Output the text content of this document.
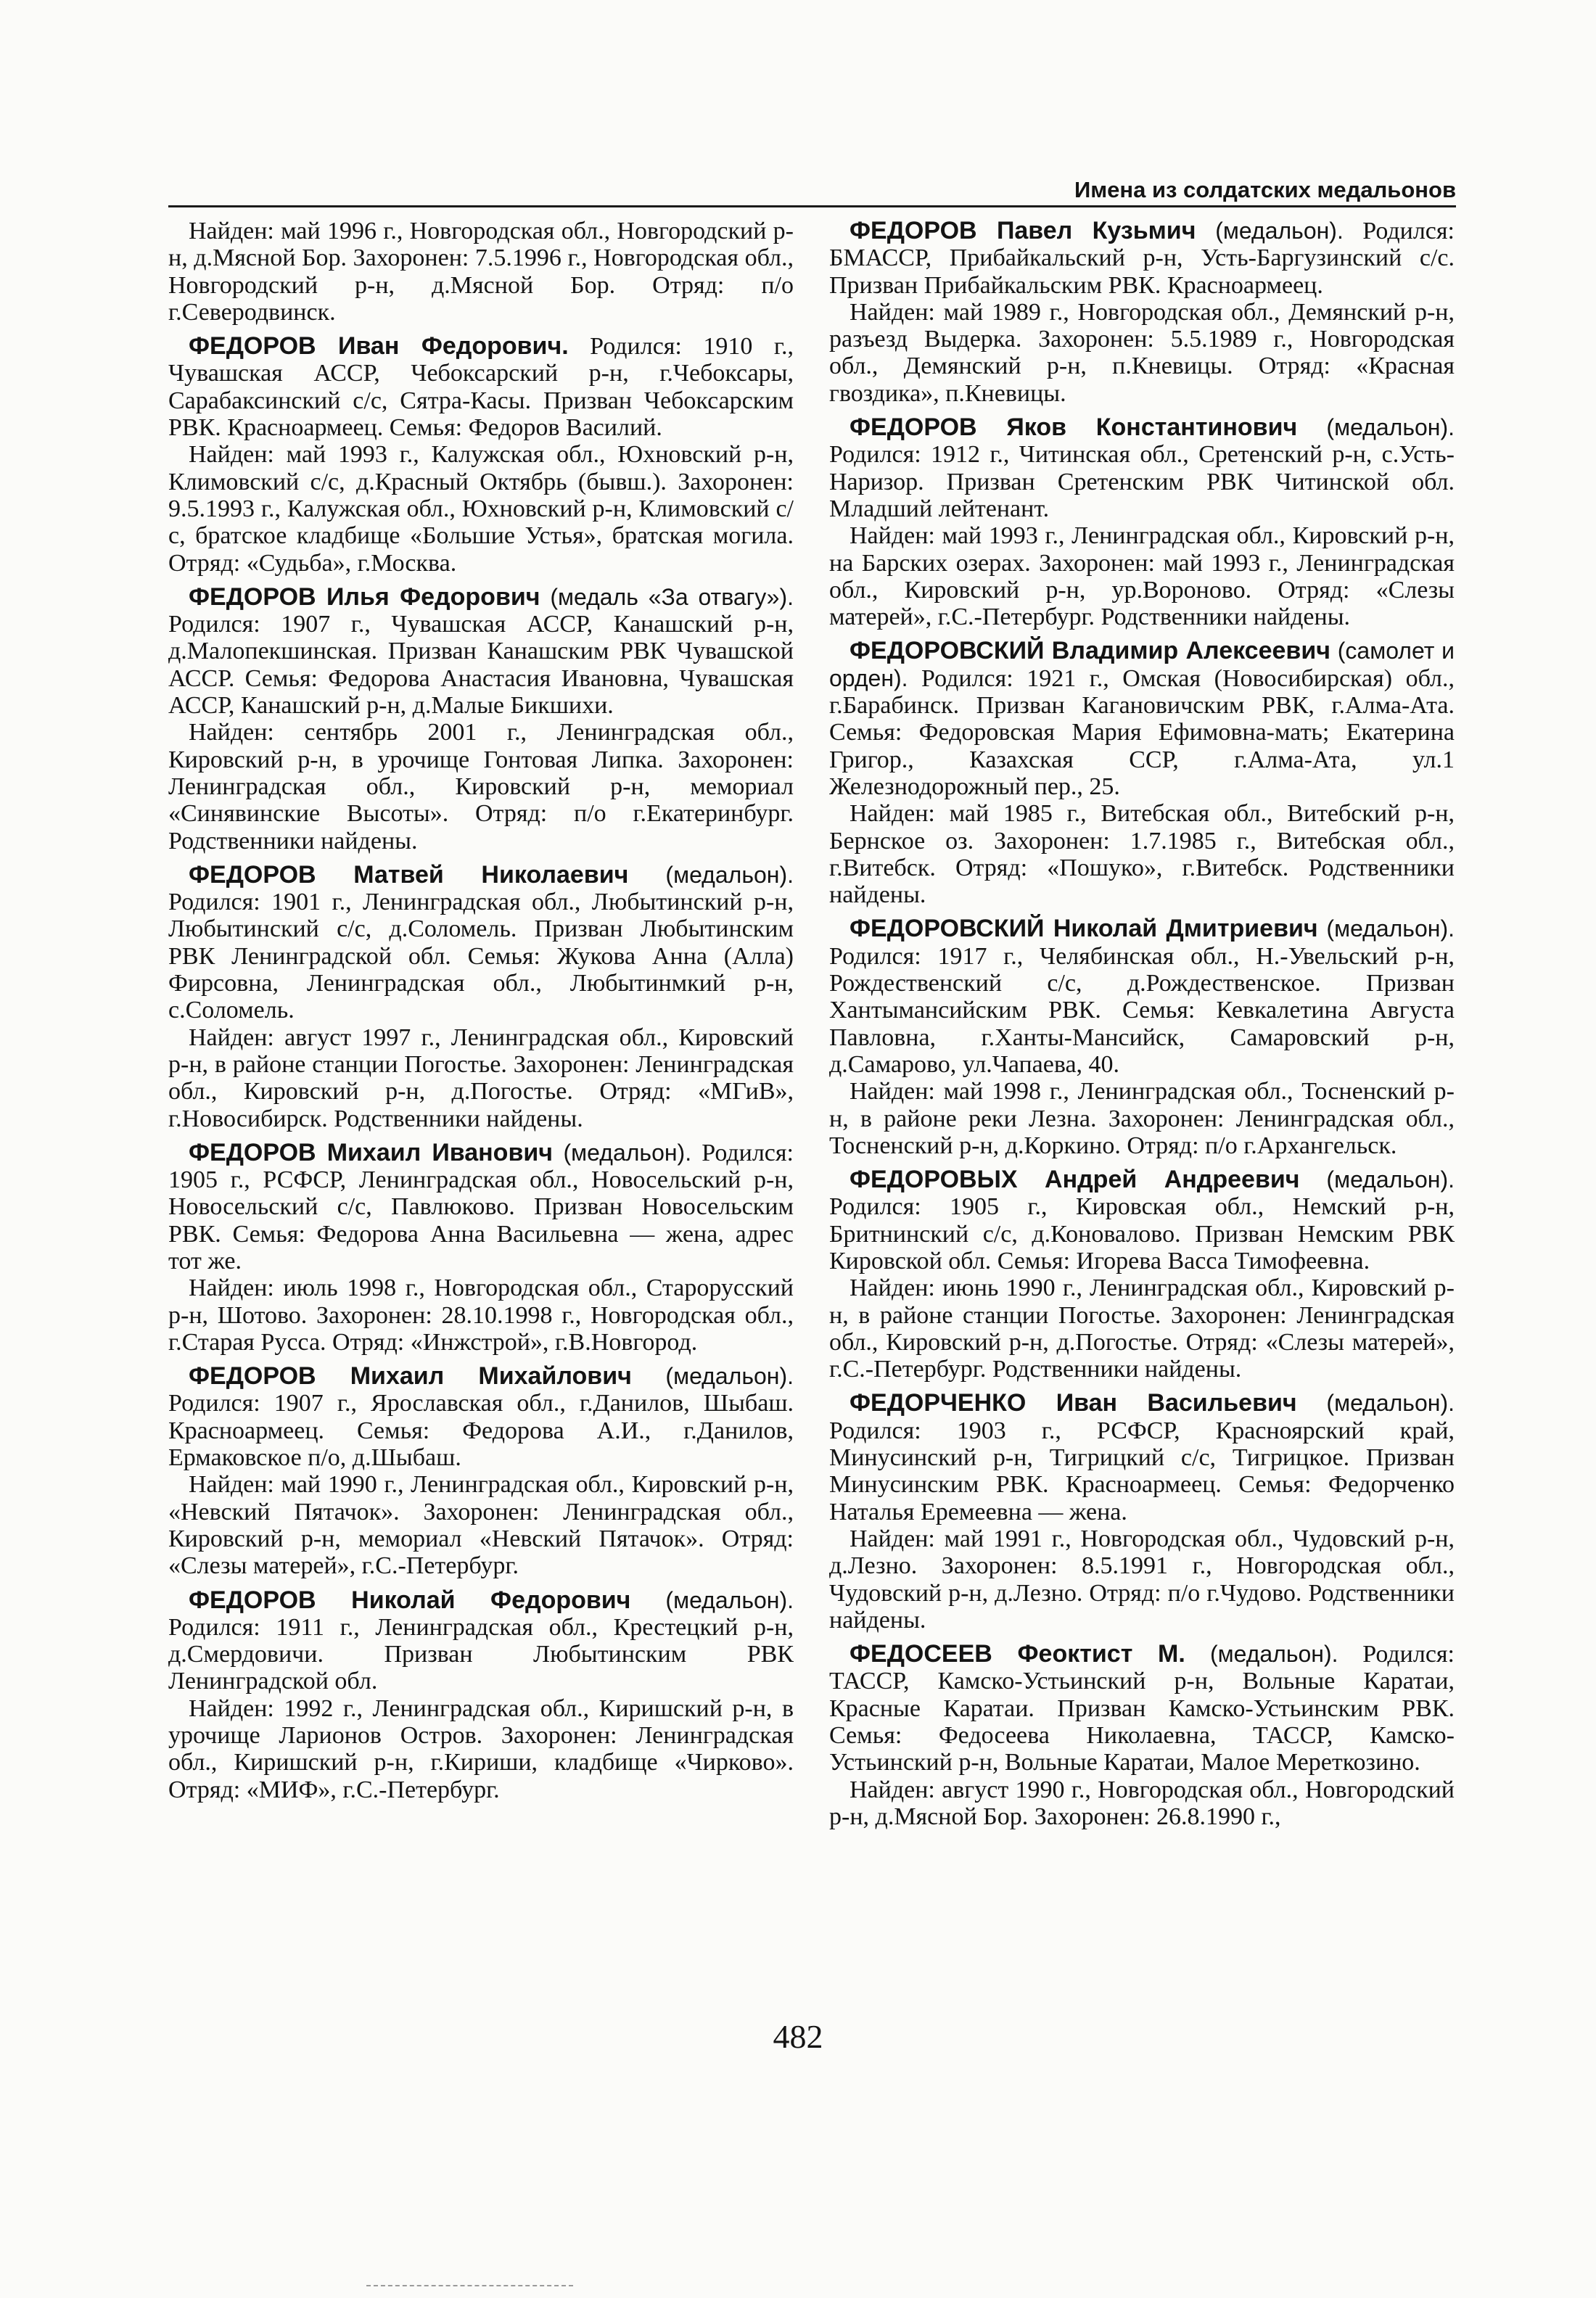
Имена из солдатских медальонов

Найден: май 1996 г., Новгородская обл., Новгородский р-н, д.Мясной Бор. Захоронен: 7.5.1996 г., Новгородская обл., Новгородский р-н, д.Мясной Бор. Отряд: п/о г.Северодвинск.

ФЕДОРОВ Иван Федорович. Родился: 1910 г., Чувашская АССР, Чебоксарский р-н, г.Чебоксары, Сарабаксинский с/с, Сятра-Касы. Призван Чебоксарским РВК. Красноармеец. Семья: Федоров Василий.

Найден: май 1993 г., Калужская обл., Юхновский р-н, Климовский с/с, д.Красный Октябрь (бывш.). Захоронен: 9.5.1993 г., Калужская обл., Юхновский р-н, Климовский с/с, братское кладбище «Большие Устья», братская могила. Отряд: «Судьба», г.Москва.

ФЕДОРОВ Илья Федорович (медаль «За отвагу»). Родился: 1907 г., Чувашская АССР, Канашский р-н, д.Малопекшинская. Призван Канашским РВК Чувашской АССР. Семья: Федорова Анастасия Ивановна, Чувашская АССР, Канашский р-н, д.Малые Бикшихи.

Найден: сентябрь 2001 г., Ленинградская обл., Кировский р-н, в урочище Гонтовая Липка. Захоронен: Ленинградская обл., Кировский р-н, мемориал «Синявинские Высоты». Отряд: п/о г.Екатеринбург. Родственники найдены.

ФЕДОРОВ Матвей Николаевич (медальон). Родился: 1901 г., Ленинградская обл., Любытинский р-н, Любытинский с/с, д.Соломель. Призван Любытинским РВК Ленинградской обл. Семья: Жукова Анна (Алла) Фирсовна, Ленинградская обл., Любытинмкий р-н, с.Соломель.

Найден: август 1997 г., Ленинградская обл., Кировский р-н, в районе станции Погостье. Захоронен: Ленинградская обл., Кировский р-н, д.Погостье. Отряд: «МГиВ», г.Новосибирск. Родственники найдены.

ФЕДОРОВ Михаил Иванович (медальон). Родился: 1905 г., РСФСР, Ленинградская обл., Новосельский р-н, Новосельский с/с, Павлюково. Призван Новосельским РВК. Семья: Федорова Анна Васильевна — жена, адрес тот же.

Найден: июль 1998 г., Новгородская обл., Старорусский р-н, Шотово. Захоронен: 28.10.1998 г., Новгородская обл., г.Старая Русса. Отряд: «Инжстрой», г.В.Новгород.

ФЕДОРОВ Михаил Михайлович (медальон). Родился: 1907 г., Ярославская обл., г.Данилов, Шыбаш. Красноармеец. Семья: Федорова А.И., г.Данилов, Ермаковское п/о, д.Шыбаш.

Найден: май 1990 г., Ленинградская обл., Кировский р-н, «Невский Пятачок». Захоронен: Ленинградская обл., Кировский р-н, мемориал «Невский Пятачок». Отряд: «Слезы матерей», г.С.-Петербург.

ФЕДОРОВ Николай Федорович (медальон). Родился: 1911 г., Ленинградская обл., Крестецкий р-н, д.Смердовичи. Призван Любытинским РВК Ленинградской обл.

Найден: 1992 г., Ленинградская обл., Киришский р-н, в урочище Ларионов Остров. Захоронен: Ленинградская обл., Киришский р-н, г.Кириши, кладбище «Чирково». Отряд: «МИФ», г.С.-Петербург.

ФЕДОРОВ Павел Кузьмич (медальон). Родился: БМАССР, Прибайкальский р-н, Усть-Баргузинский с/с. Призван Прибайкальским РВК. Красноармеец.

Найден: май 1989 г., Новгородская обл., Демянский р-н, разъезд Выдерка. Захоронен: 5.5.1989 г., Новгородская обл., Демянский р-н, п.Кневицы. Отряд: «Красная гвоздика», п.Кневицы.

ФЕДОРОВ Яков Константинович (медальон). Родился: 1912 г., Читинская обл., Сретенский р-н, с.Усть-Наризор. Призван Сретенским РВК Читинской обл. Младший лейтенант.

Найден: май 1993 г., Ленинградская обл., Кировский р-н, на Барских озерах. Захоронен: май 1993 г., Ленинградская обл., Кировский р-н, ур.Вороново. Отряд: «Слезы матерей», г.С.-Петербург. Родственники найдены.

ФЕДОРОВСКИЙ Владимир Алексеевич (самолет и орден). Родился: 1921 г., Омская (Новосибирская) обл., г.Барабинск. Призван Кагановичским РВК, г.Алма-Ата. Семья: Федоровская Мария Ефимовна-мать; Екатерина Григор., Казахская ССР, г.Алма-Ата, ул.1 Железнодорожный пер., 25.

Найден: май 1985 г., Витебская обл., Витебский р-н, Бернское оз. Захоронен: 1.7.1985 г., Витебская обл., г.Витебск. Отряд: «Пошуко», г.Витебск. Родственники найдены.

ФЕДОРОВСКИЙ Николай Дмитриевич (медальон). Родился: 1917 г., Челябинская обл., Н.-Увельский р-н, Рождественский с/с, д.Рождественское. Призван Хантымансийским РВК. Семья: Кевкалетина Августа Павловна, г.Ханты-Мансийск, Самаровский р-н, д.Самарово, ул.Чапаева, 40.

Найден: май 1998 г., Ленинградская обл., Тосненский р-н, в районе реки Лезна. Захоронен: Ленинградская обл., Тосненский р-н, д.Коркино. Отряд: п/о г.Архангельск.

ФЕДОРОВЫХ Андрей Андреевич (медальон). Родился: 1905 г., Кировская обл., Немский р-н, Бритнинский с/с, д.Коновалово. Призван Немским РВК Кировской обл. Семья: Игорева Васса Тимофеевна.

Найден: июнь 1990 г., Ленинградская обл., Кировский р-н, в районе станции Погостье. Захоронен: Ленинградская обл., Кировский р-н, д.Погостье. Отряд: «Слезы матерей», г.С.-Петербург. Родственники найдены.

ФЕДОРЧЕНКО Иван Васильевич (медальон). Родился: 1903 г., РСФСР, Красноярский край, Минусинский р-н, Тигрицкий с/с, Тигрицкое. Призван Минусинским РВК. Красноармеец. Семья: Федорченко Наталья Еремеевна — жена.

Найден: май 1991 г., Новгородская обл., Чудовский р-н, д.Лезно. Захоронен: 8.5.1991 г., Новгородская обл., Чудовский р-н, д.Лезно. Отряд: п/о г.Чудово. Родственники найдены.

ФЕДОСЕЕВ Феоктист М. (медальон). Родился: ТАССР, Камско-Устьинский р-н, Вольные Каратаи, Красные Каратаи. Призван Камско-Устьинским РВК. Семья: Федосеева Николаевна, ТАССР, Камско-Устьинский р-н, Вольные Каратаи, Малое Мереткозино.

Найден: август 1990 г., Новгородская обл., Новгородский р-н, д.Мясной Бор. Захоронен: 26.8.1990 г.,

482
